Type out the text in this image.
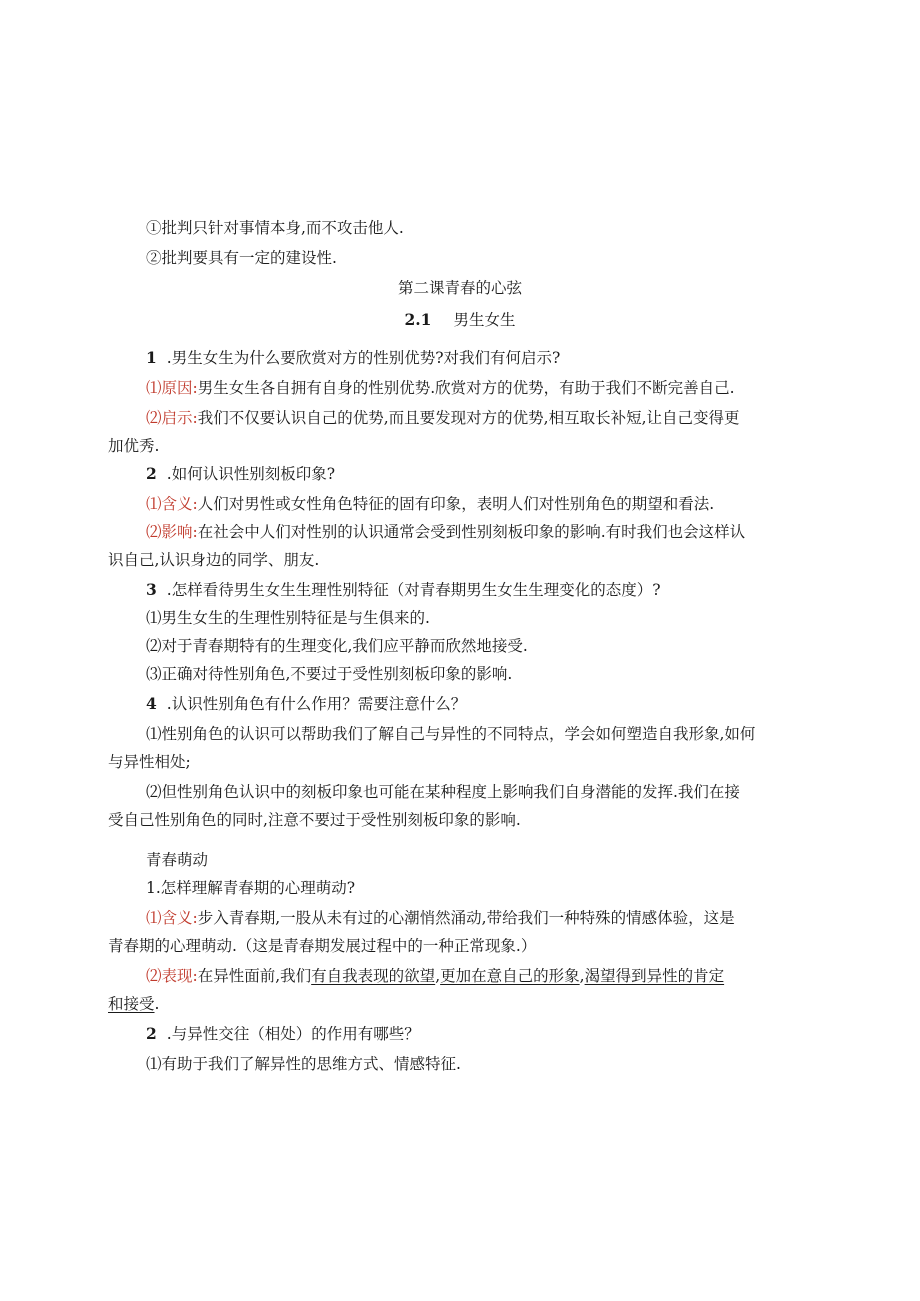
①批判只针对事情本身,而不攻击他人.
②批判要具有一定的建设性.
第二课青春的心弦
2.1 男生女生
1 .男生女生为什么要欣赏对方的性别优势?对我们有何启示?
⑴原因:男生女生各自拥有自身的性别优势.欣赏对方的优势，有助于我们不断完善自己.
⑵启示:我们不仅要认识自己的优势,而且要发现对方的优势,相互取长补短,让自己变得更
加优秀.
2 .如何认识性别刻板印象?
⑴含义:人们对男性或女性角色特征的固有印象，表明人们对性别角色的期望和看法.
⑵影响:在社会中人们对性别的认识通常会受到性别刻板印象的影响.有时我们也会这样认
识自己,认识身边的同学、朋友.
3 .怎样看待男生女生生理性别特征（对青春期男生女生生理变化的态度）?
⑴男生女生的生理性别特征是与生俱来的.
⑵对于青春期特有的生理变化,我们应平静而欣然地接受.
⑶正确对待性别角色,不要过于受性别刻板印象的影响.
4 .认识性别角色有什么作用？需要注意什么？
⑴性别角色的认识可以帮助我们了解自己与异性的不同特点，学会如何塑造自我形象,如何
与异性相处;
⑵但性别角色认识中的刻板印象也可能在某种程度上影响我们自身潜能的发挥.我们在接
受自己性别角色的同时,注意不要过于受性别刻板印象的影响.
青春萌动
1.怎样理解青春期的心理萌动?
⑴含义:步入青春期,一股从未有过的心潮悄然涌动,带给我们一种特殊的情感体验，这是
青春期的心理萌动.（这是青春期发展过程中的一种正常现象.）
⑵表现:在异性面前,我们有自我表现的欲望,更加在意自己的形象,渴望得到异性的肯定
和接受.
2 .与异性交往（相处）的作用有哪些？
⑴有助于我们了解异性的思维方式、情感特征.
